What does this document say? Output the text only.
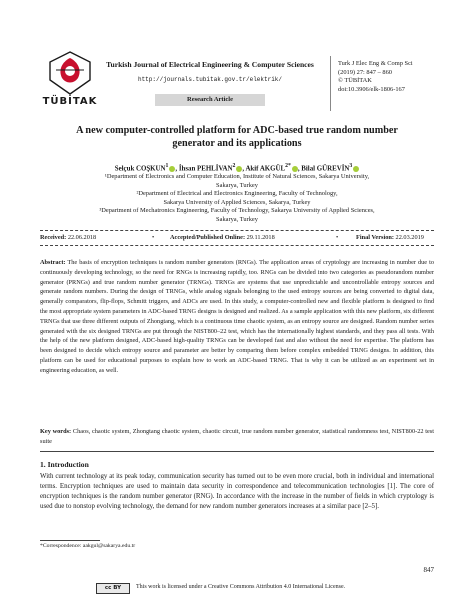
TÜBİTAK
Turkish Journal of Electrical Engineering & Computer Sciences
http://journals.tubitak.gov.tr/elektrik/
Research Article
Turk J Elec Eng & Comp Sci
(2019) 27: 847 – 860
© TÜBİTAK
doi:10.3906/elk-1806-167
A new computer-controlled platform for ADC-based true random number
generator and its applications
Selçuk COŞKUN$^1$ , İhsan PEHLİVAN$^2$ , Akif $AKGÜL^{2*}$ , Bilal GÜREVİN$^3$
¹Department of Electronics and Computer Education, Institute of Natural Sciences, Sakarya University,
Sakarya, Turkey
²Department of Electrical and Electronics Engineering, Faculty of Technology,
Sakarya University of Applied Sciences, Sakarya, Turkey
³Department of Mechatronics Engineering, Faculty of Technology, Sakarya University of Applied Sciences,
Sakarya, Turkey
Received: 22.06.2018	•	Accepted/Published Online: 29.11.2018	•	Final Version: 22.03.2019
Abstract: The basis of encryption techniques is random number generators (RNGs). The application areas of cryptology are increasing in number due to continuously developing technology, so the need for RNGs is increasing rapidly, too. RNGs can be divided into two categories as pseudorandom number generator (PRNGs) and true random number generator (TRNGs). TRNGs are systems that use unpredictable and uncontrollable entropy sources and generate random numbers. During the design of TRNGs, while analog signals belonging to the used entropy sources are being converted to digital data, generally comparators, flip-flops, Schmitt triggers, and ADCs are used. In this study, a computer-controlled new and flexible platform is designed to find the most appropriate system parameters in ADC-based TRNG designs is designed and realized. As a sample application with this new platform, six different TRNGs that use three different outputs of Zhongtang, which is a continuous time chaotic system, as an entropy source are designed. Random number series generated with the six designed TRNGs are put through the NIST800–22 test, which has the internationally highest standards, and they pass all tests. With the help of the new platform designed, ADC-based high-quality TRNGs can be developed fast and also without the need for expertise. The platform has been designed to decide which entropy source and parameter are better by comparing them before complex embedded TRNG designs. In addition, this platform can be used for educational purposes to explain how to work an ADC-based TRNG. That is why it can be utilized as an experiment set in engineering education, as well.
Key words: Chaos, chaotic system, Zhongtang chaotic system, chaotic circuit, true random number generator, statistical randomness test, NIST800-22 test suite
1. Introduction
With current technology at its peak today, communication security has turned out to be even more crucial, both in individual and international terms. Encryption techniques are used to maintain data security in correspondence and telecommunication technologies [1]. The core of encryption techniques is the random number generator (RNG). In accordance with the increase in the number of fields in which cryptology is used due to nonstop evolving technology, the demand for new random number generators increases at a similar pace [2–5].
*Correspondence: aakgul@sakarya.edu.tr
847
cc BY	This work is licensed under a Creative Commons Attribution 4.0 International License.
